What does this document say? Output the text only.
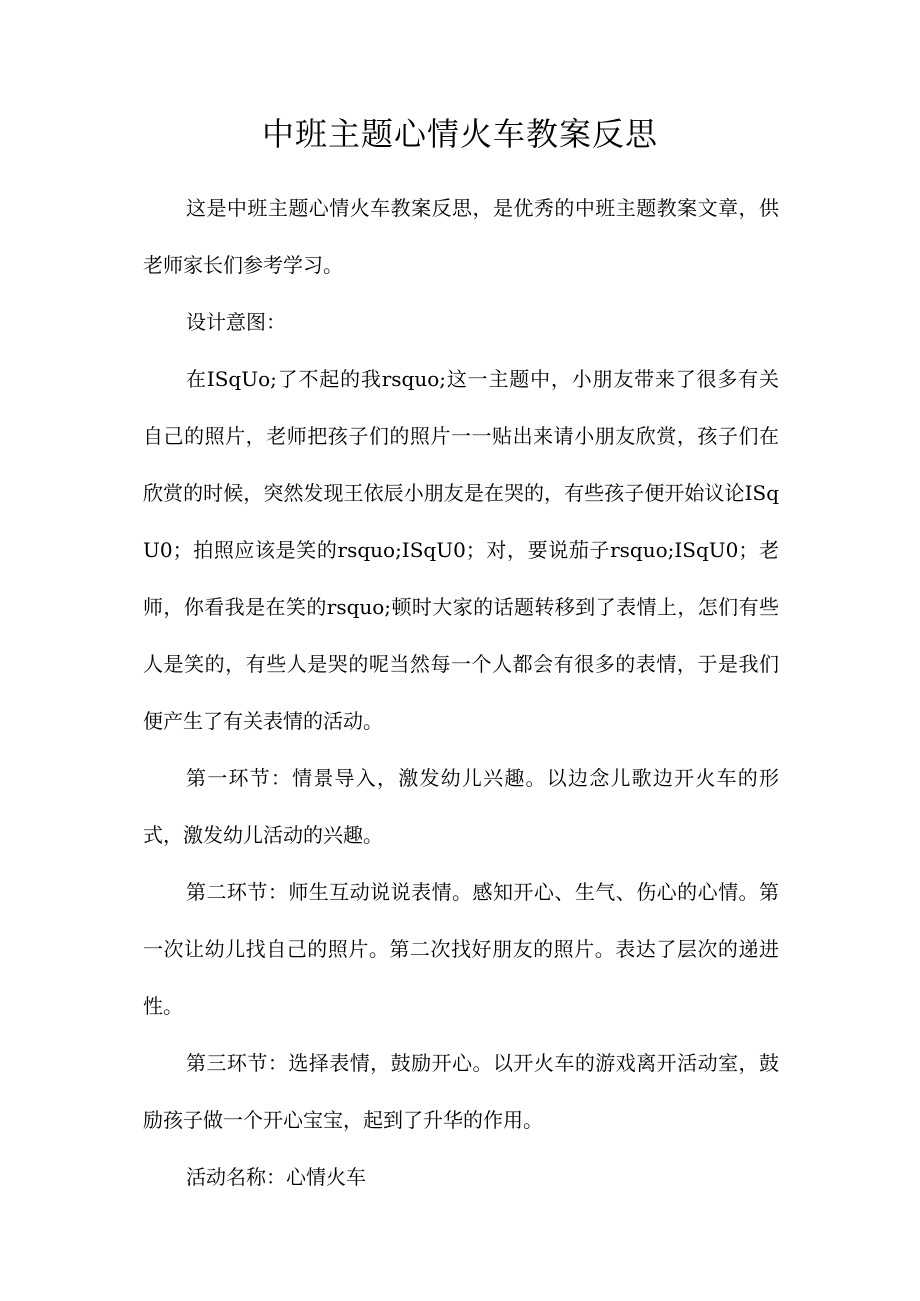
中班主题心情火车教案反思

这是中班主题心情火车教案反思，是优秀的中班主题教案文章，供老师家长们参考学习。

设计意图：

在ISqUo;了不起的我rsquo;这一主题中，小朋友带来了很多有关自己的照片，老师把孩子们的照片一一贴出来请小朋友欣赏，孩子们在欣赏的时候，突然发现王依辰小朋友是在哭的，有些孩子便开始议论ISqU0；拍照应该是笑的rsquo;ISqU0；对，要说茄子rsquo;ISqU0；老师，你看我是在笑的rsquo;顿时大家的话题转移到了表情上，怎们有些人是笑的，有些人是哭的呢当然每一个人都会有很多的表情，于是我们便产生了有关表情的活动。

第一环节：情景导入，激发幼儿兴趣。以边念儿歌边开火车的形式，激发幼儿活动的兴趣。

第二环节：师生互动说说表情。感知开心、生气、伤心的心情。第一次让幼儿找自己的照片。第二次找好朋友的照片。表达了层次的递进性。

第三环节：选择表情，鼓励开心。以开火车的游戏离开活动室，鼓励孩子做一个开心宝宝，起到了升华的作用。

活动名称：心情火车
